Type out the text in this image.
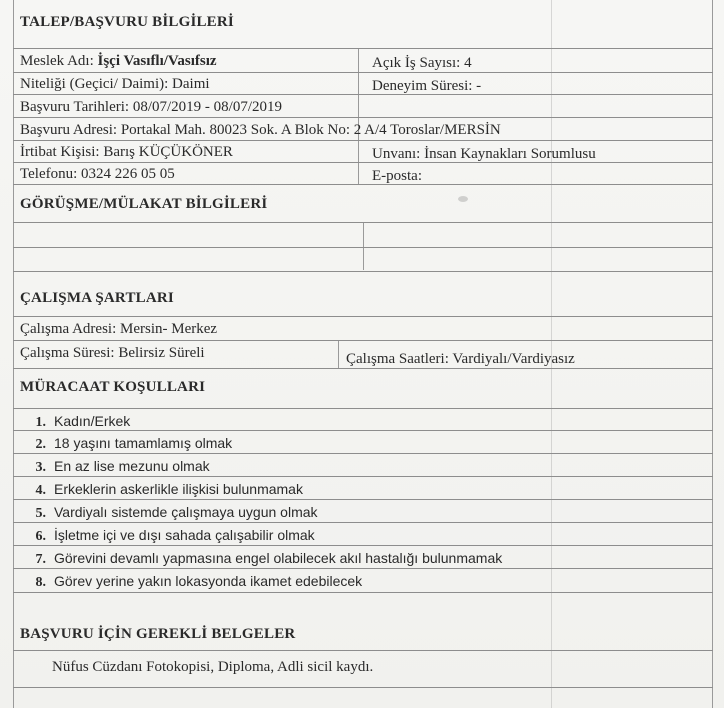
TALEP/BAŞVURU BİLGİLERİ
Meslek Adı: İşçi Vasıflı/Vasıfsız	Açık İş Sayısı: 4
Niteliği (Geçici/ Daimi): Daimi	Deneyim Süresi: -
Başvuru Tarihleri: 08/07/2019 - 08/07/2019
Başvuru Adresi: Portakal Mah. 80023 Sok. A Blok No: 2 A/4 Toroslar/MERSİN
İrtibat Kişisi: Barış KÜÇÜKÖNER	Unvanı: İnsan Kaynakları Sorumlusu
Telefonu: 0324 226 05 05	E-posta:
GÖRÜŞME/MÜLAKAT BİLGİLERİ
ÇALIŞMA ŞARTLARI
Çalışma Adresi: Mersin- Merkez
Çalışma Süresi: Belirsiz Süreli	Çalışma Saatleri: Vardiyalı/Vardiyasız
MÜRACAAT KOŞULLARI
1. Kadın/Erkek
2. 18 yaşını tamamlamış olmak
3. En az lise mezunu olmak
4. Erkeklerin askerlikle ilişkisi bulunmamak
5. Vardiyalı sistemde çalışmaya uygun olmak
6. İşletme içi ve dışı sahada çalışabilir olmak
7. Görevini devamlı yapmasına engel olabilecek akıl hastalığı bulunmamak
8. Görev yerine yakın lokasyonda ikamet edebilecek
BAŞVURU İÇİN GEREKLİ BELGELER
Nüfus Cüzdanı Fotokopisi, Diploma, Adli sicil kaydı.
